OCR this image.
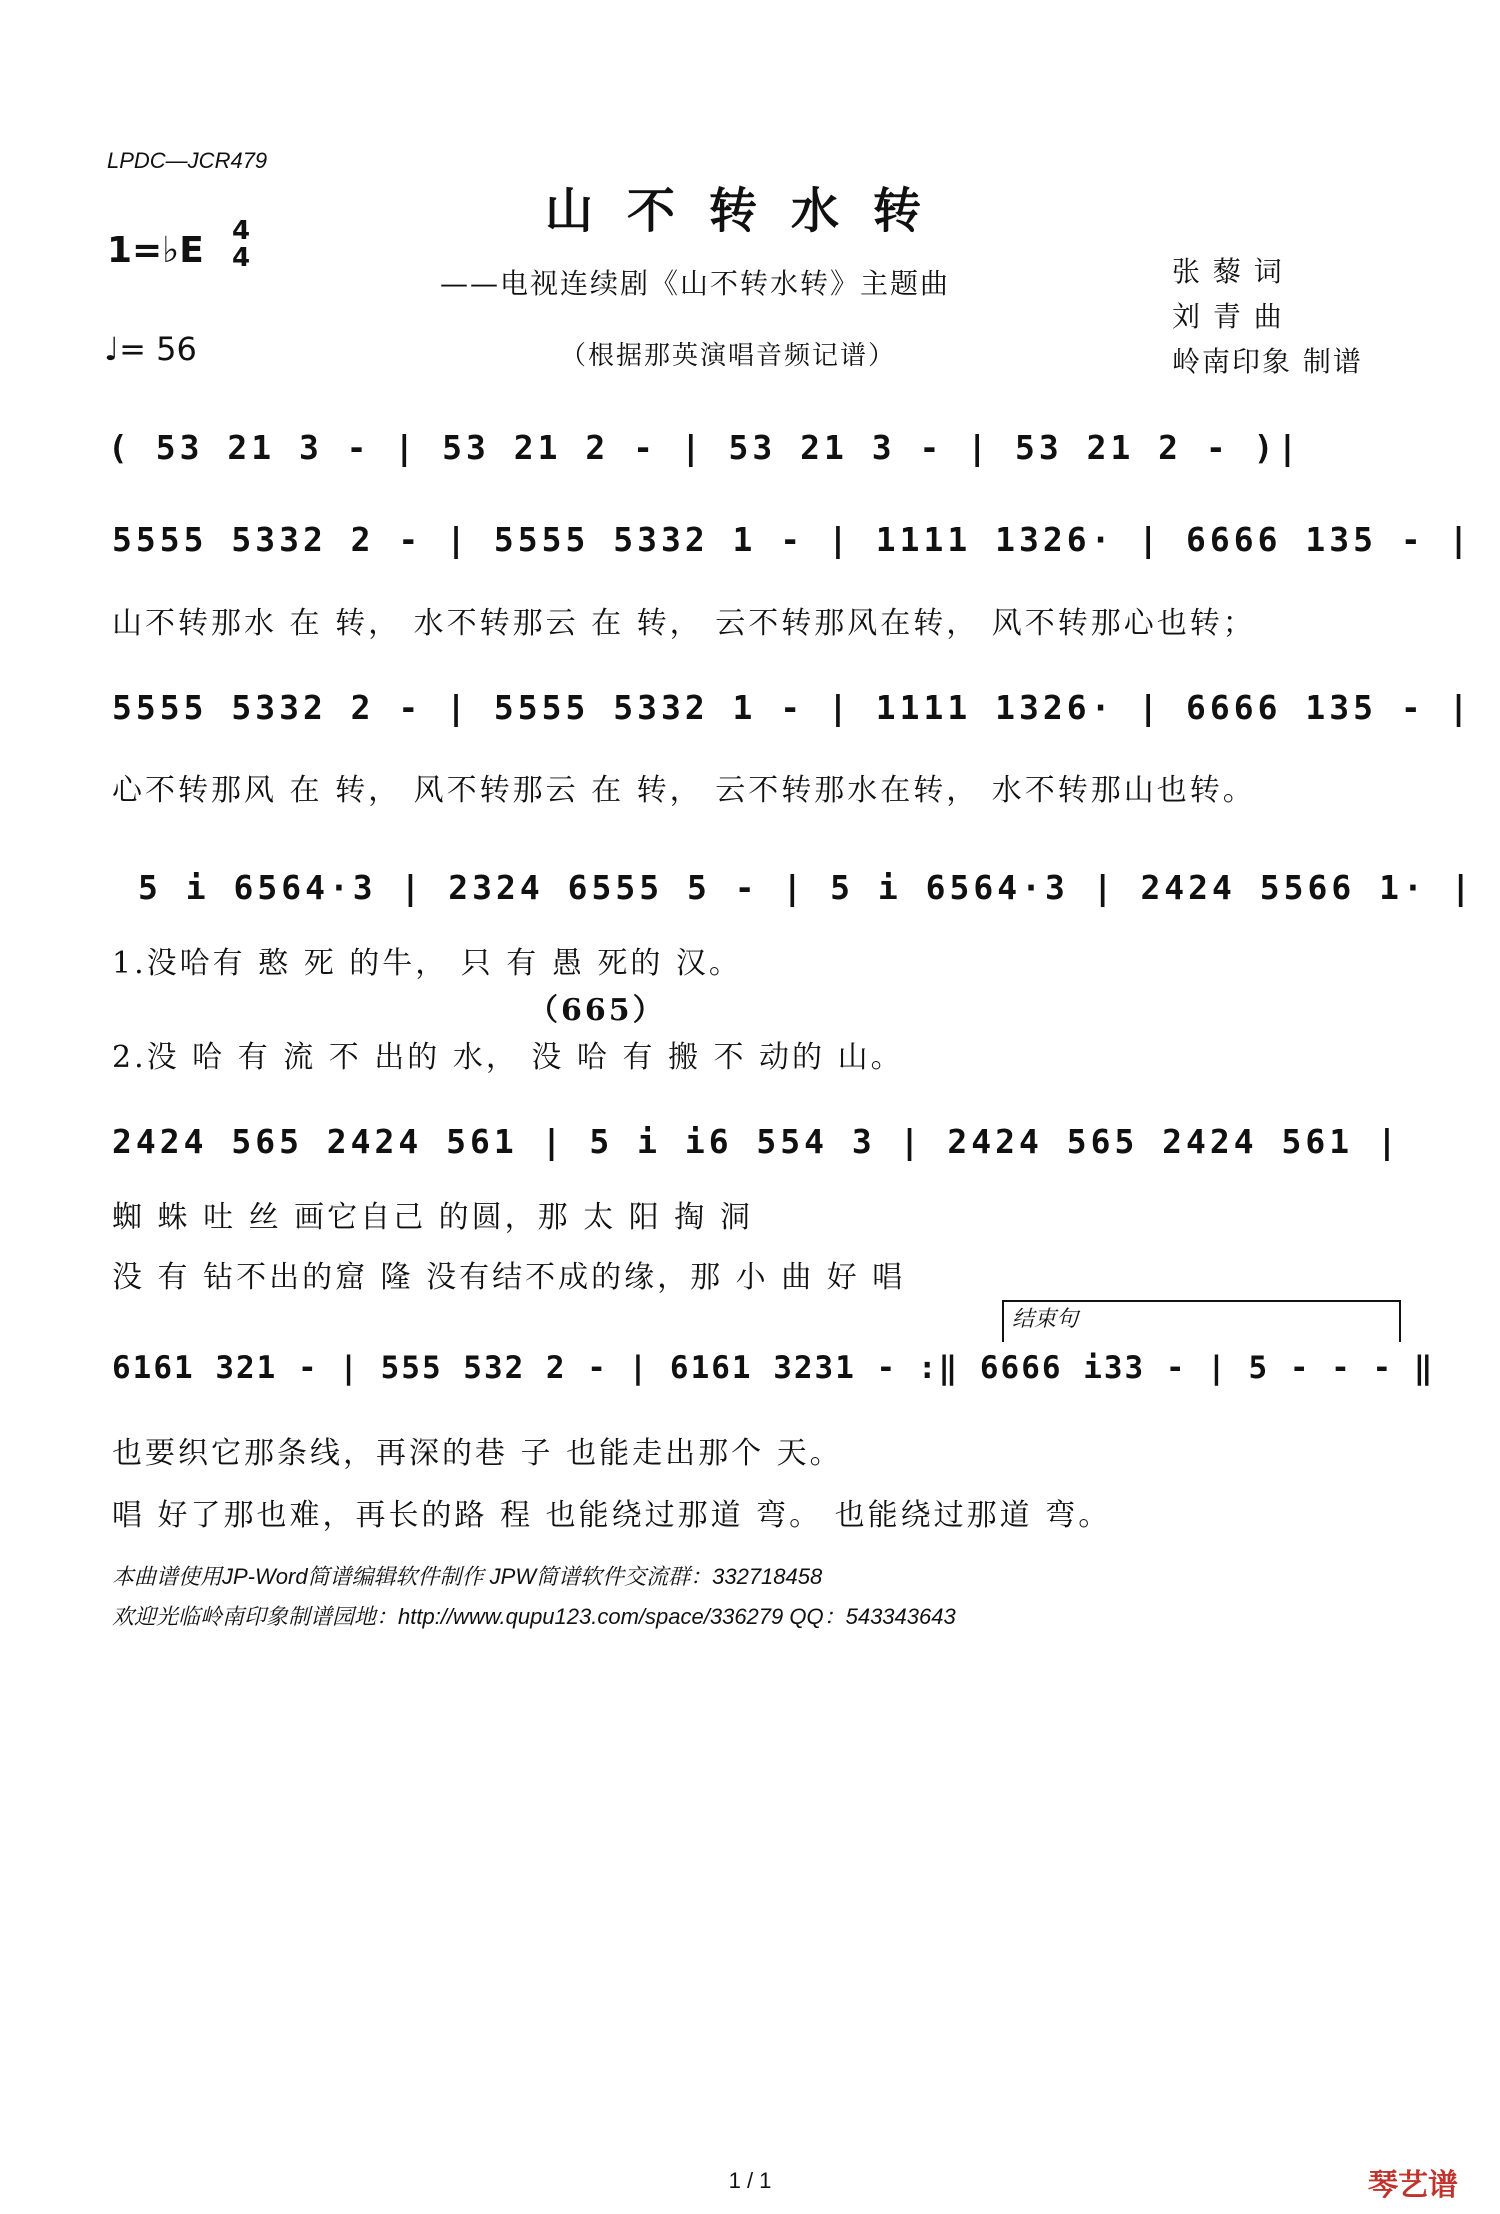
LPDC—JCR479
山不转水转
——电视连续剧《山不转水转》主题曲
（根据那英演唱音频记谱）
1=♭E 4
4
♩= 56
张 藜 词
刘 青 曲
岭南印象 制谱
( 53 21 3 - | 53 21 2 - | 53 21 3 - | 53 21 2 - )|
5555 5332 2 - | 5555 5332 1 - | 1111 1326· | 6666 135 - |
山不转那水 在 转， 水不转那云 在 转， 云不转那风在转， 风不转那心也转；
5555 5332 2 - | 5555 5332 1 - | 1111 1326· | 6666 135 - |
心不转那风 在 转， 风不转那云 在 转， 云不转那水在转， 水不转那山也转。
5 i 6564·3 | 2324 6555 5 - | 5 i 6564·3 | 2424 5566 1· |
1.没哈有 憨 死 的牛， 只 有 愚 死的 汉。
（665）
2.没 哈 有 流 不 出的 水， 没 哈 有 搬 不 动的 山。
2424 565 2424 561 | 5 i i6 554 3 | 2424 565 2424 561 |
蜘 蛛 吐 丝 画它自己 的圆，那 太 阳 掏 洞
没 有 钻不出的窟 隆 没有结不成的缘，那 小 曲 好 唱
结束句
6161 321 - | 555 532 2 - | 6161 3231 - :‖ 6666 i33 - | 5 - - - ‖
也要织它那条线，再深的巷 子 也能走出那个 天。
唱 好了那也难，再长的路 程 也能绕过那道 弯。 也能绕过那道 弯。
本曲谱使用JP-Word简谱编辑软件制作 JPW简谱软件交流群：332718458
欢迎光临岭南印象制谱园地：http://www.qupu123.com/space/336279 QQ：543343643
1 / 1	琴艺谱
